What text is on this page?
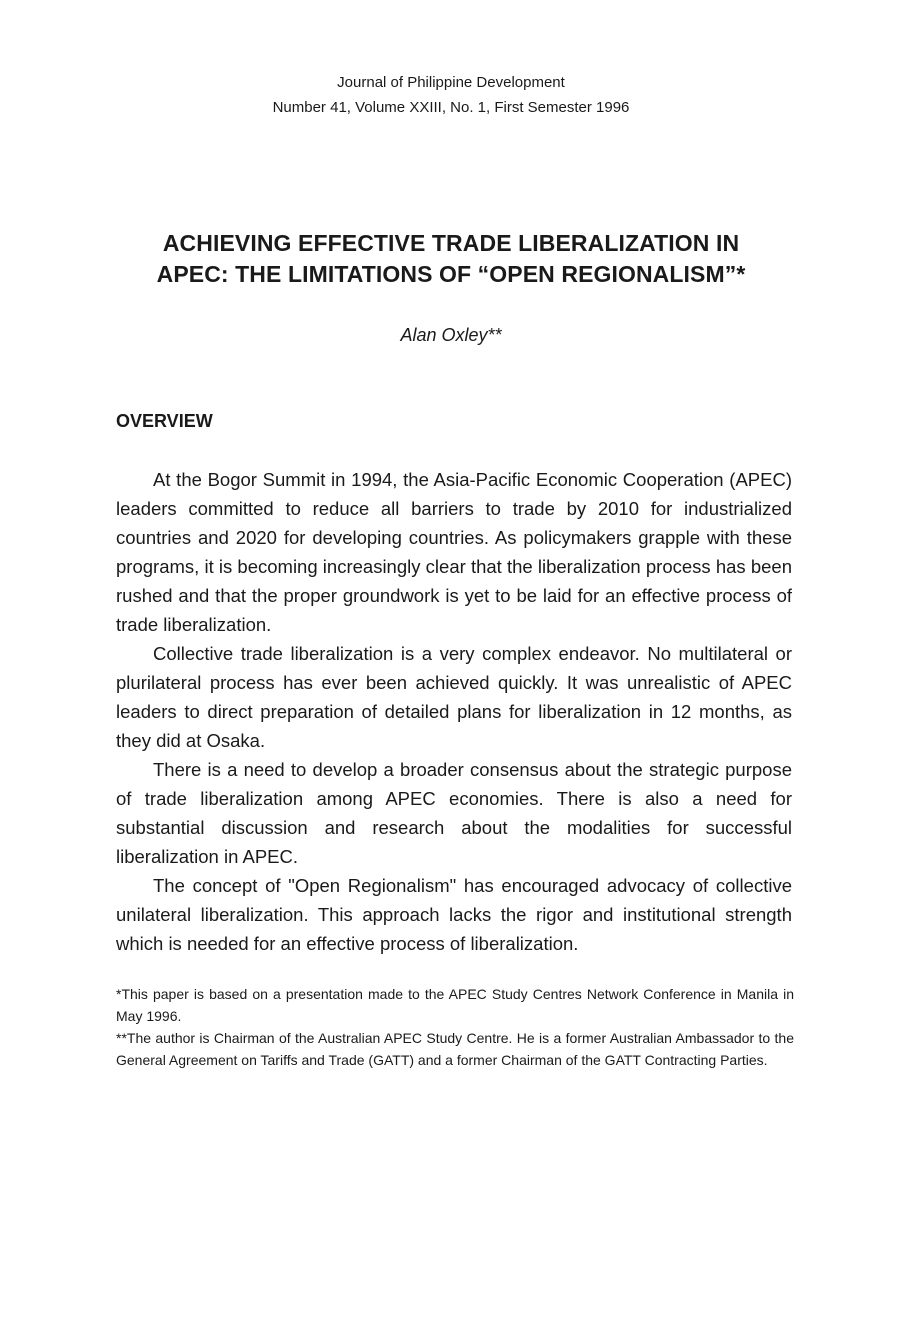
Journal of Philippine Development
Number 41, Volume XXIII, No. 1, First Semester 1996
ACHIEVING EFFECTIVE TRADE LIBERALIZATION IN
APEC: THE LIMITATIONS OF “OPEN REGIONALISM”*
Alan Oxley**
OVERVIEW

At the Bogor Summit in 1994, the Asia-Pacific Economic Cooperation (APEC) leaders committed to reduce all barriers to trade by 2010 for industrialized countries and 2020 for developing countries. As policymakers grapple with these programs, it is becoming increasingly clear that the liberalization process has been rushed and that the proper groundwork is yet to be laid for an effective process of trade liberalization.

Collective trade liberalization is a very complex endeavor. No multilateral or plurilateral process has ever been achieved quickly. It was unrealistic of APEC leaders to direct preparation of detailed plans for liberalization in 12 months, as they did at Osaka.

There is a need to develop a broader consensus about the strategic purpose of trade liberalization among APEC economies. There is also a need for substantial discussion and research about the modalities for successful liberalization in APEC.

The concept of "Open Regionalism" has encouraged advocacy of collective unilateral liberalization. This approach lacks the rigor and institutional strength which is needed for an effective process of liberalization.

*This paper is based on a presentation made to the APEC Study Centres Network Conference in Manila in May 1996.

**The author is Chairman of the Australian APEC Study Centre. He is a former Australian Ambassador to the General Agreement on Tariffs and Trade (GATT) and a former Chairman of the GATT Contracting Parties.
